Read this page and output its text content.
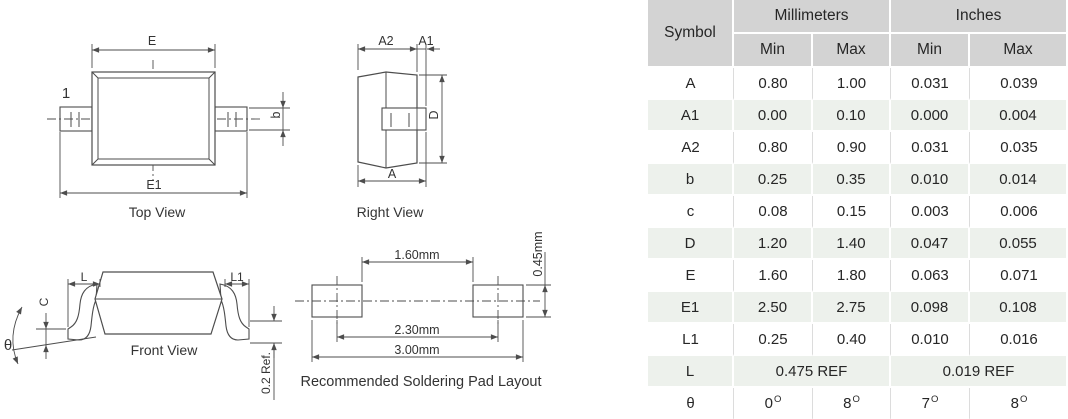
E
E1
b
1
Top View
A2 A1
D
A
Right View
L	L1
C
θ
0.2 Ref.
Front View
1.60mm
2.30mm
3.00mm
0.45mm
Recommended Soldering Pad Layout
Symbol
Millimeters	Inches
Min	Max	Min	Max
A	0.80	1.00	0.031	0.039
A1	0.00	0.10	0.000	0.004
A2	0.80	0.90	0.031	0.035
b	0.25	0.35	0.010	0.014
c	0.08	0.15	0.003	0.006
D	1.20	1.40	0.047	0.055
E	1.60	1.80	0.063	0.071
E1	2.50	2.75	0.098	0.108
L1	0.25	0.40	0.010	0.016
L	0.475 REF	0.019 REF
θ	$0^O$	$8^O$	$7^O$	$8^O$
